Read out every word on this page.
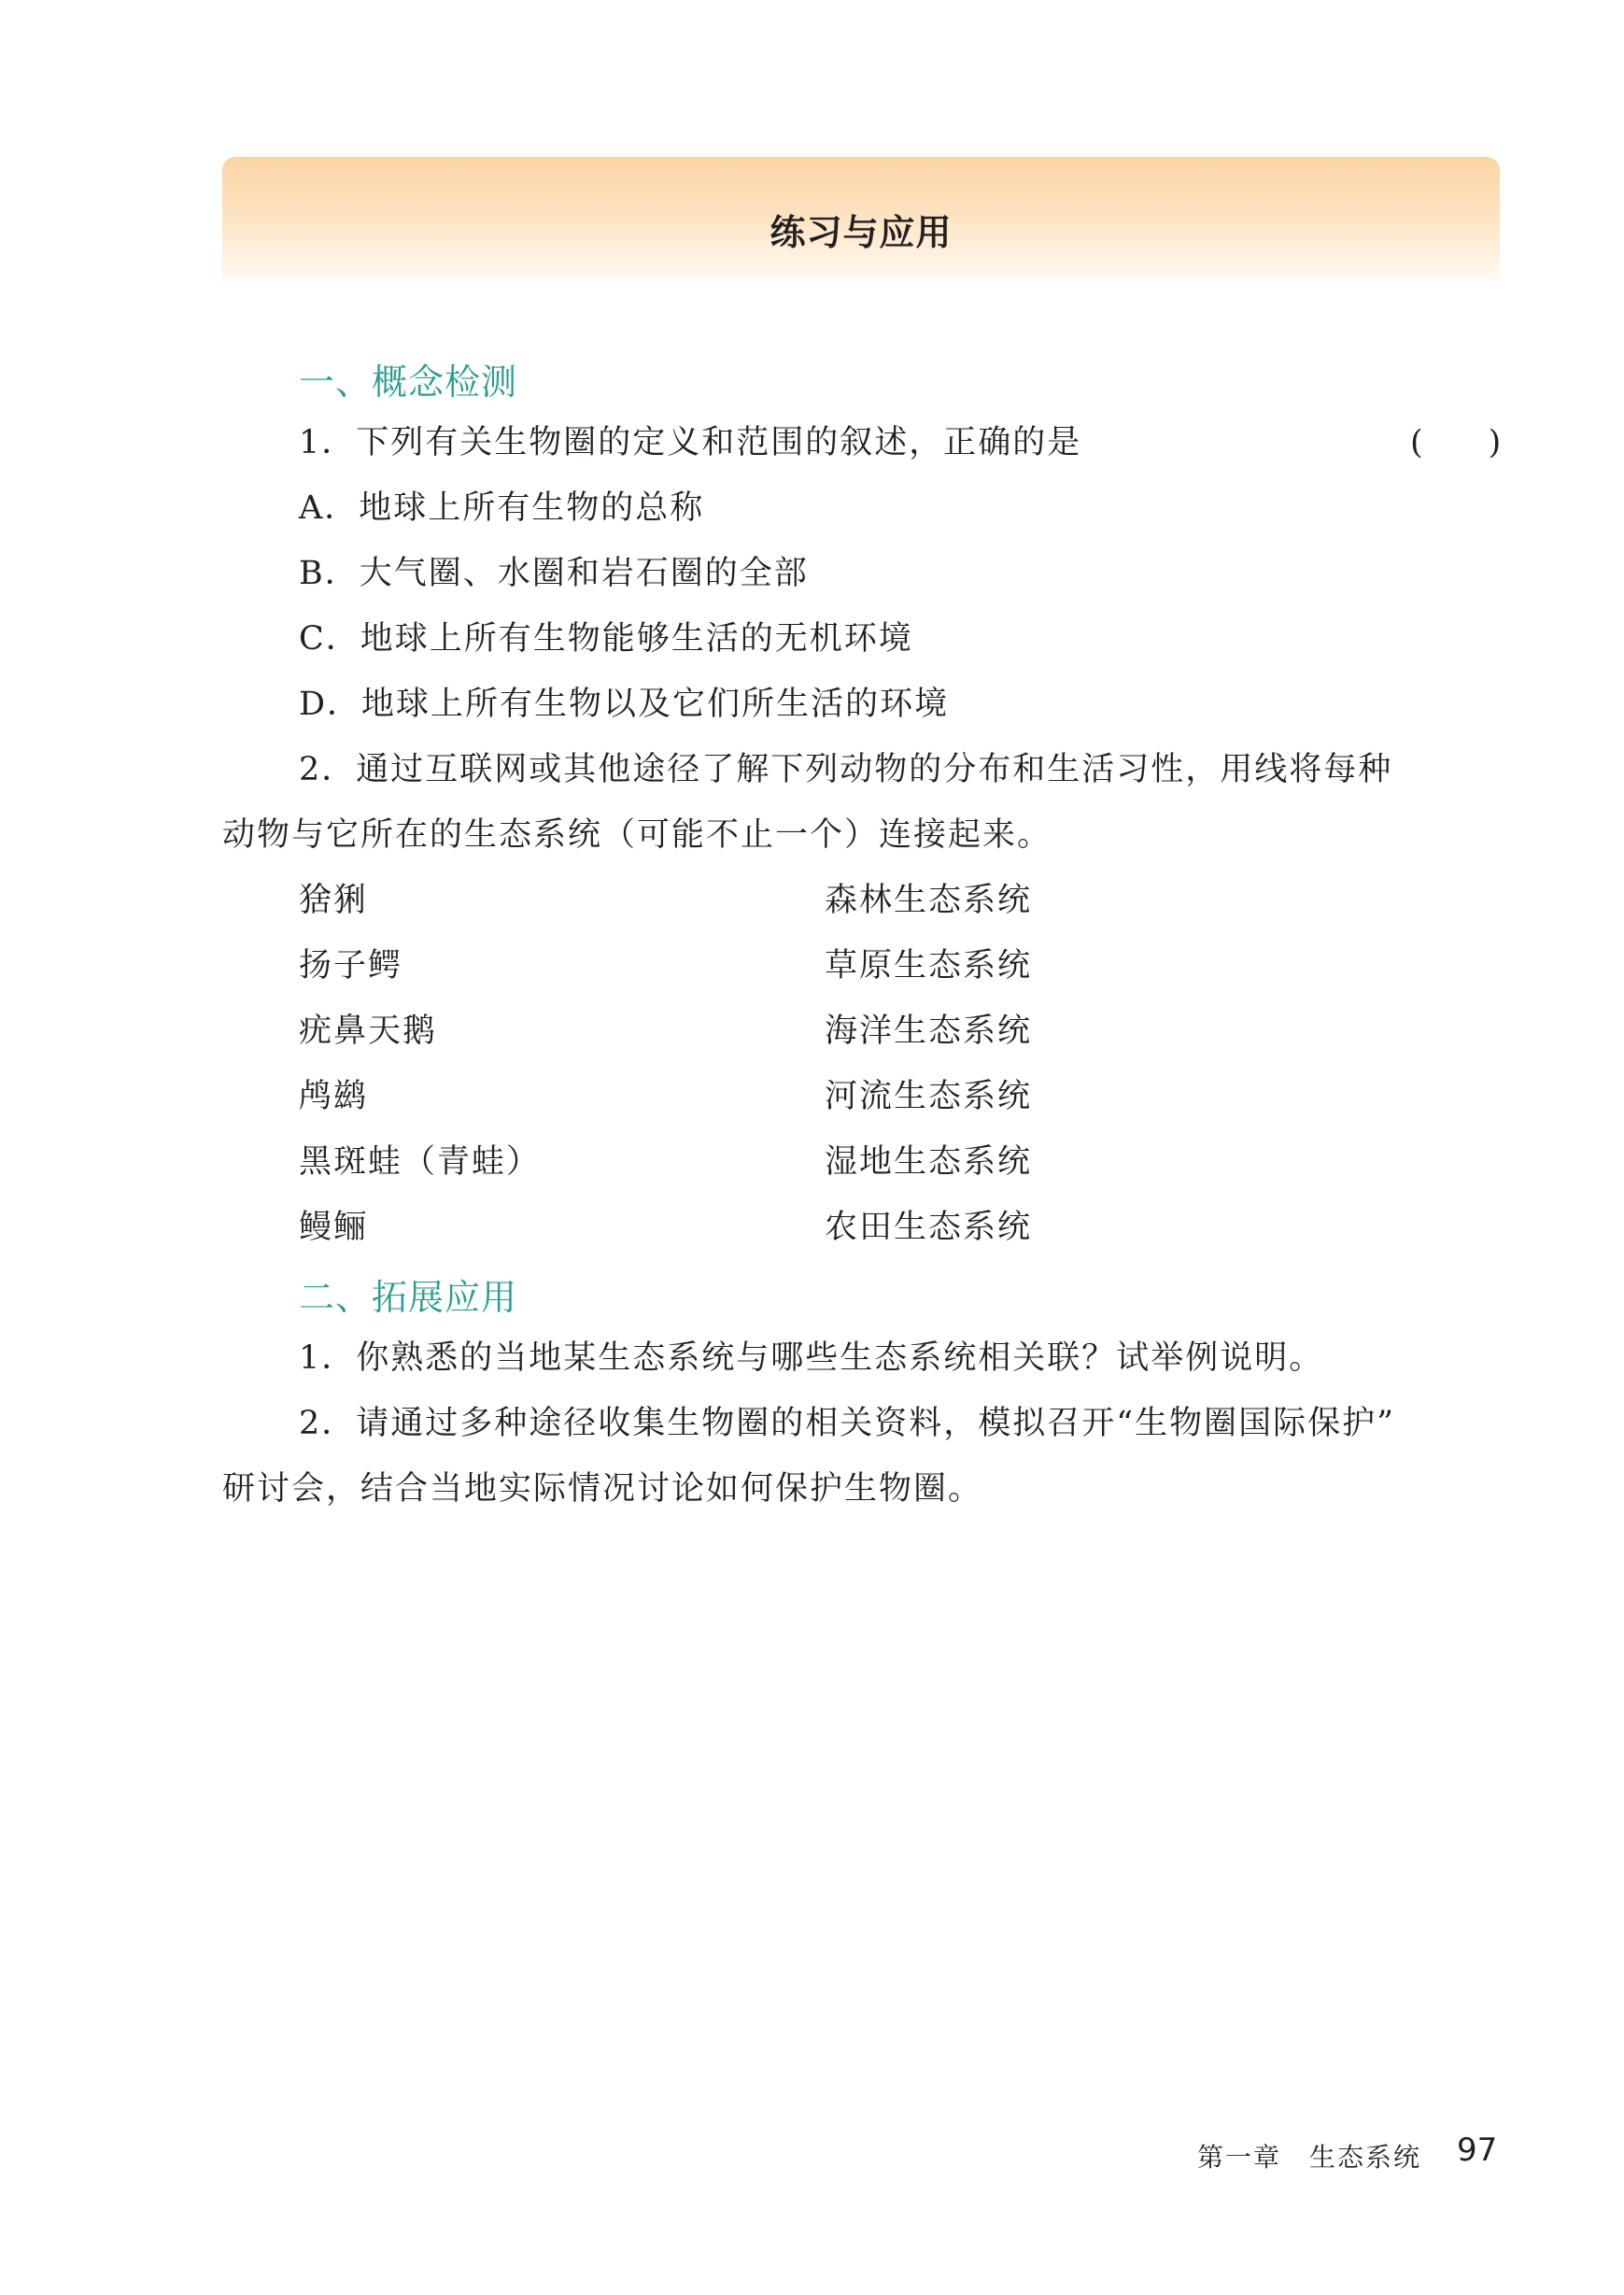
练习与应用
一、概念检测
1．下列有关生物圈的定义和范围的叙述，正确的是	(　　)
A．地球上所有生物的总称
B．大气圈、水圈和岩石圈的全部
C．地球上所有生物能够生活的无机环境
D．地球上所有生物以及它们所生活的环境
2．通过互联网或其他途径了解下列动物的分布和生活习性，用线将每种
动物与它所在的生态系统（可能不止一个）连接起来。
猞猁	森林生态系统
扬子鳄	草原生态系统
疣鼻天鹅	海洋生态系统
鸬鹚	河流生态系统
黑斑蛙（青蛙）	湿地生态系统
鳗鲡	农田生态系统
二、拓展应用
1．你熟悉的当地某生态系统与哪些生态系统相关联？试举例说明。
2．请通过多种途径收集生物圈的相关资料，模拟召开“生物圈国际保护”
研讨会，结合当地实际情况讨论如何保护生物圈。
第一章　生态系统 97
